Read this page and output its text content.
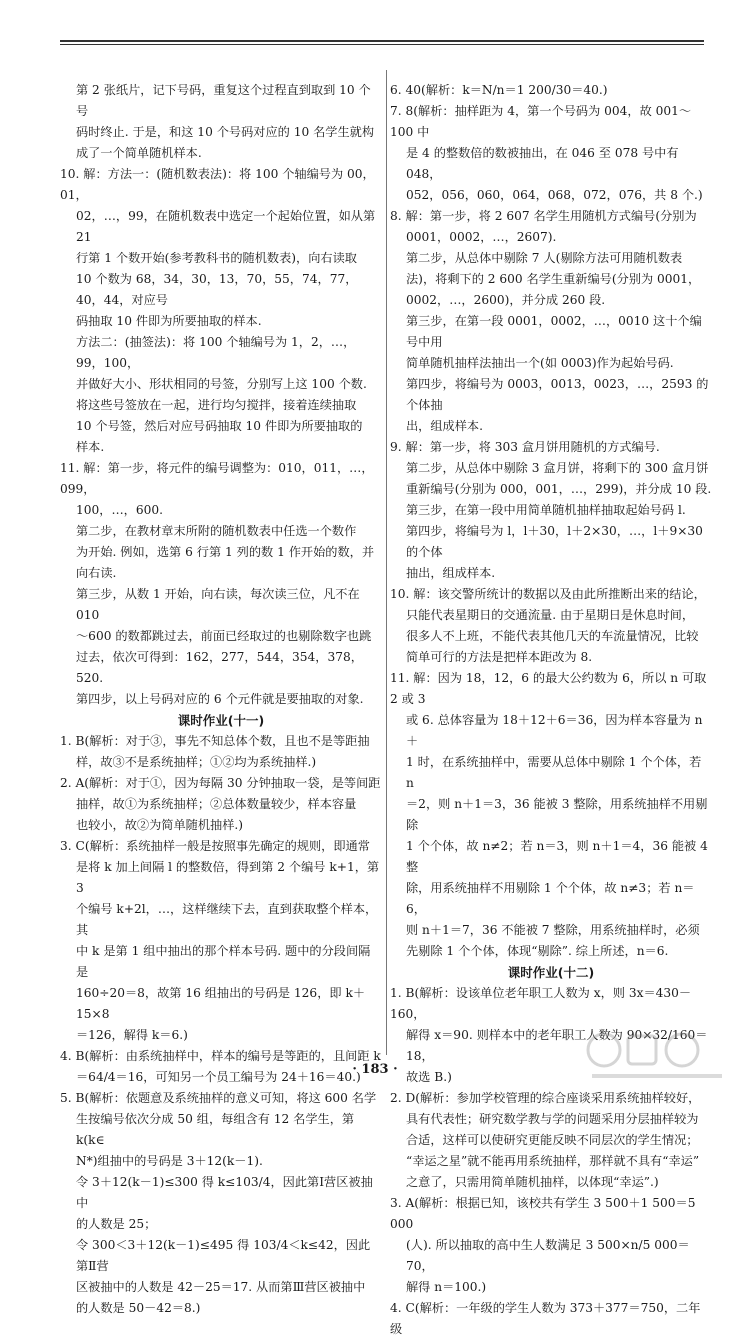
第 2 张纸片，记下号码，重复这个过程直到取到 10 个号

码时终止. 于是，和这 10 个号码对应的 10 名学生就构

成了一个简单随机样本.

10. 解：方法一：(随机数表法)：将 100 个轴编号为 00，01，

02，…，99，在随机数表中选定一个起始位置，如从第 21

行第 1 个数开始(参考教科书的随机数表)，向右读取

10 个数为 68，34，30，13，70，55，74，77，40，44，对应号

码抽取 10 件即为所要抽取的样本.

方法二：(抽签法)：将 100 个轴编号为 1，2，…，99，100，

并做好大小、形状相同的号签，分别写上这 100 个数.

将这些号签放在一起，进行均匀搅拌，接着连续抽取

10 个号签，然后对应号码抽取 10 件即为所要抽取的

样本.

11. 解：第一步，将元件的编号调整为：010，011，…，099，

100，…，600.

第二步，在教材章末所附的随机数表中任选一个数作

为开始. 例如，选第 6 行第 1 列的数 1 作开始的数，并

向右读.

第三步，从数 1 开始，向右读，每次读三位，凡不在 010

～600 的数都跳过去，前面已经取过的也剔除数字也跳

过去，依次可得到：162，277，544，354，378，520.

第四步，以上号码对应的 6 个元件就是要抽取的对象.

课时作业(十一)

1. B(解析：对于③，事先不知总体个数，且也不是等距抽

样，故③不是系统抽样；①②均为系统抽样.)

2. A(解析：对于①，因为每隔 30 分钟抽取一袋，是等间距

抽样，故①为系统抽样；②总体数量较少，样本容量

也较小，故②为简单随机抽样.)

3. C(解析：系统抽样一般是按照事先确定的规则，即通常

是将 k 加上间隔 l 的整数倍，得到第 2 个编号 k+1，第 3

个编号 k+2l，…，这样继续下去，直到获取整个样本，其

中 k 是第 1 组中抽出的那个样本号码. 题中的分段间隔是

160÷20＝8，故第 16 组抽出的号码是 126，即 k＋15×8

＝126，解得 k＝6.)

4. B(解析：由系统抽样中，样本的编号是等距的，且间距 k

＝64/4＝16，可知另一个员工编号为 24＋16＝40.)

5. B(解析：依题意及系统抽样的意义可知，将这 600 名学

生按编号依次分成 50 组，每组含有 12 名学生，第 k(k∈

N*)组抽中的号码是 3＋12(k－1).

令 3＋12(k－1)≤300 得 k≤103/4，因此第Ⅰ营区被抽中

的人数是 25；

令 300＜3＋12(k－1)≤495 得 103/4＜k≤42，因此第Ⅱ营

区被抽中的人数是 42－25＝17. 从而第Ⅲ营区被抽中

的人数是 50－42＝8.)

6. 40(解析：k＝N/n＝1 200/30＝40.)

7. 8(解析：抽样距为 4，第一个号码为 004，故 001～100 中

是 4 的整数倍的数被抽出，在 046 至 078 号中有 048，

052，056，060，064，068，072，076，共 8 个.)

8. 解：第一步，将 2 607 名学生用随机方式编号(分别为

0001，0002，…，2607).

第二步，从总体中剔除 7 人(剔除方法可用随机数表

法)，将剩下的 2 600 名学生重新编号(分别为 0001，

0002，…，2600)，并分成 260 段.

第三步，在第一段 0001，0002，…，0010 这十个编号中用

简单随机抽样法抽出一个(如 0003)作为起始号码.

第四步，将编号为 0003，0013，0023，…，2593 的个体抽

出，组成样本.

9. 解：第一步，将 303 盒月饼用随机的方式编号.

第二步，从总体中剔除 3 盒月饼，将剩下的 300 盒月饼

重新编号(分别为 000，001，…，299)，并分成 10 段.

第三步，在第一段中用简单随机抽样抽取起始号码 l.

第四步，将编号为 l，l＋30，l＋2×30，…，l＋9×30 的个体

抽出，组成样本.

10. 解：该交警所统计的数据以及由此所推断出来的结论，

只能代表星期日的交通流量. 由于星期日是休息时间，

很多人不上班，不能代表其他几天的车流量情况，比较

简单可行的方法是把样本距改为 8.

11. 解：因为 18，12，6 的最大公约数为 6，所以 n 可取 2 或 3

或 6. 总体容量为 18＋12＋6＝36，因为样本容量为 n＋

1 时，在系统抽样中，需要从总体中剔除 1 个个体，若 n

＝2，则 n＋1＝3，36 能被 3 整除，用系统抽样不用剔除

1 个个体，故 n≠2；若 n＝3，则 n＋1＝4，36 能被 4 整

除，用系统抽样不用剔除 1 个个体，故 n≠3；若 n＝6，

则 n＋1＝7，36 不能被 7 整除，用系统抽样时，必须

先剔除 1 个个体，体现“剔除”. 综上所述，n＝6.

课时作业(十二)

1. B(解析：设该单位老年职工人数为 x，则 3x＝430－160，

解得 x＝90. 则样本中的老年职工人数为 90×32/160＝18，

故选 B.)

2. D(解析：参加学校管理的综合座谈采用系统抽样较好，

具有代表性；研究数学教与学的问题采用分层抽样较为

合适，这样可以使研究更能反映不同层次的学生情况；

“幸运之星”就不能再用系统抽样，那样就不具有“幸运”

之意了，只需用简单随机抽样，以体现“幸运”.)

3. A(解析：根据已知，该校共有学生 3 500＋1 500＝5 000

(人). 所以抽取的高中生人数满足 3 500×n/5 000＝70，

解得 n＝100.)

4. C(解析：一年级的学生人数为 373＋377＝750，二年级

· 183 ·
